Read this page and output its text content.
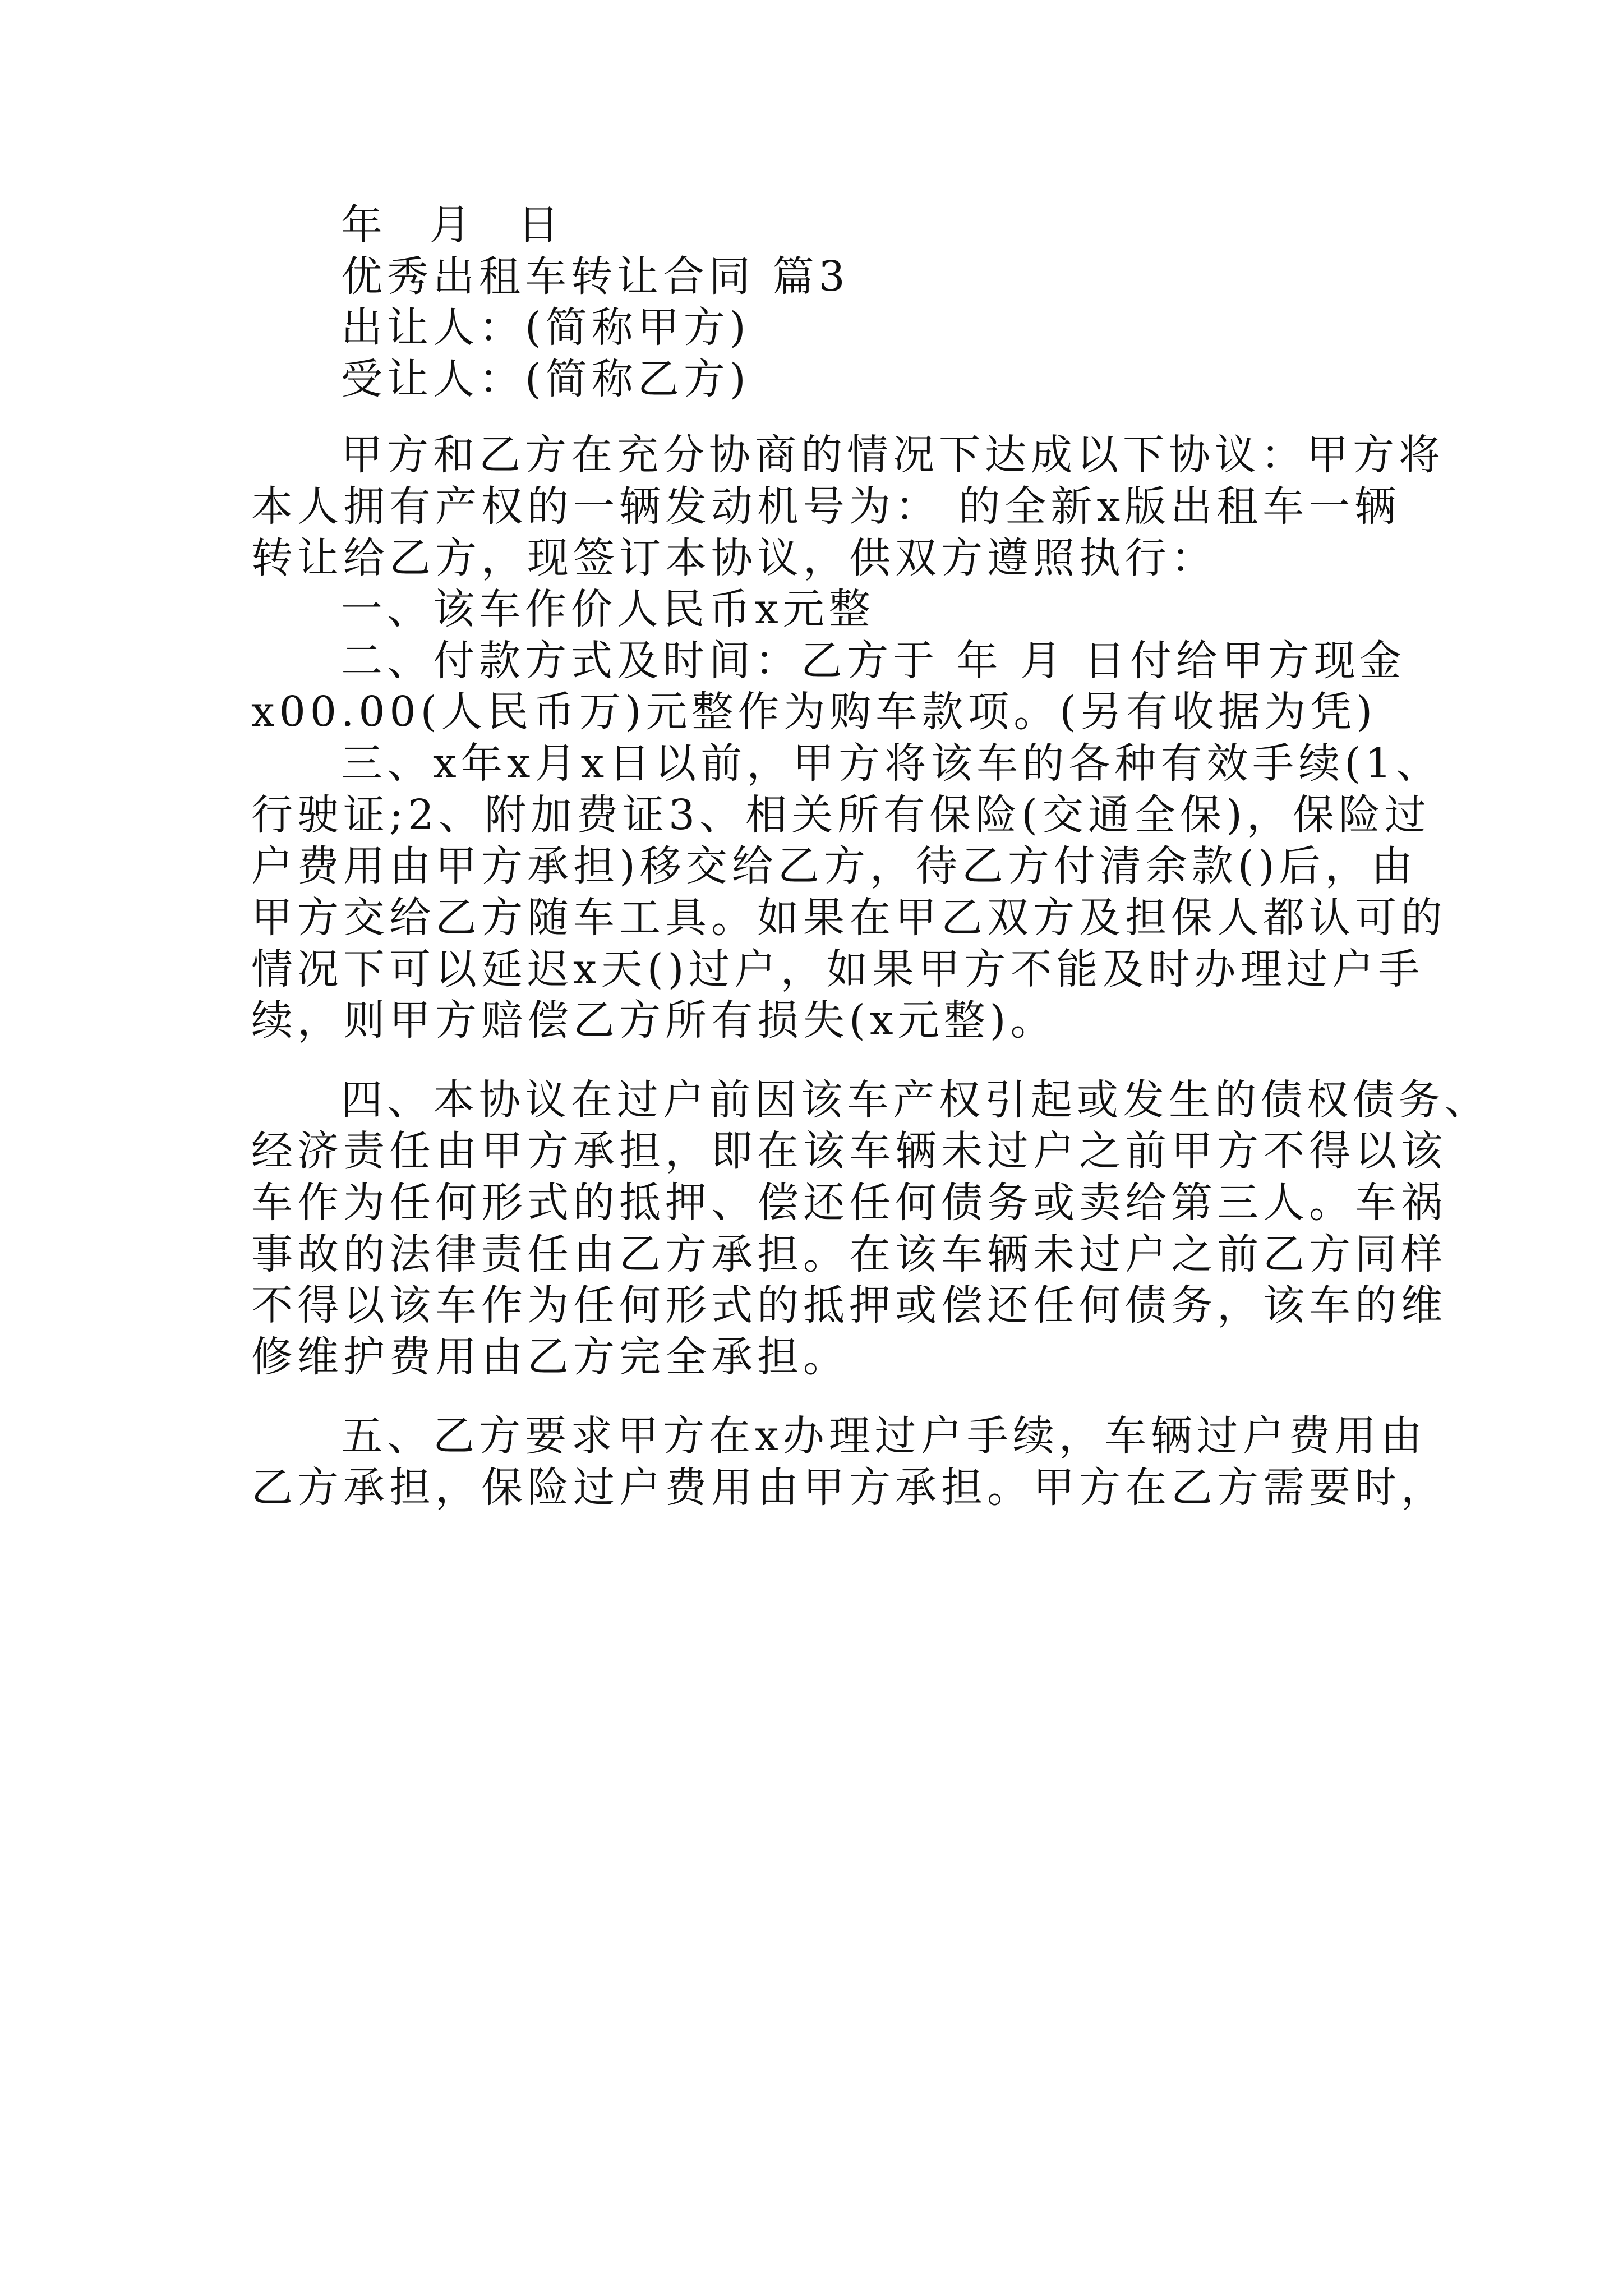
年 月 日
优秀出租车转让合同 篇3
出让人：(简称甲方)
受让人：(简称乙方)
甲方和乙方在充分协商的情况下达成以下协议：甲方将
本人拥有产权的一辆发动机号为： 的全新x版出租车一辆
转让给乙方，现签订本协议，供双方遵照执行：
一、该车作价人民币x元整
二、付款方式及时间：乙方于 年 月 日付给甲方现金
x00.00(人民币万)元整作为购车款项。(另有收据为凭)
三、x年x月x日以前，甲方将该车的各种有效手续(1、
行驶证;2、附加费证3、相关所有保险(交通全保)，保险过
户费用由甲方承担)移交给乙方，待乙方付清余款()后，由
甲方交给乙方随车工具。如果在甲乙双方及担保人都认可的
情况下可以延迟x天()过户，如果甲方不能及时办理过户手
续，则甲方赔偿乙方所有损失(x元整)。
四、本协议在过户前因该车产权引起或发生的债权债务、
经济责任由甲方承担，即在该车辆未过户之前甲方不得以该
车作为任何形式的抵押、偿还任何债务或卖给第三人。车祸
事故的法律责任由乙方承担。在该车辆未过户之前乙方同样
不得以该车作为任何形式的抵押或偿还任何债务，该车的维
修维护费用由乙方完全承担。
五、乙方要求甲方在x办理过户手续，车辆过户费用由
乙方承担，保险过户费用由甲方承担。甲方在乙方需要时，
